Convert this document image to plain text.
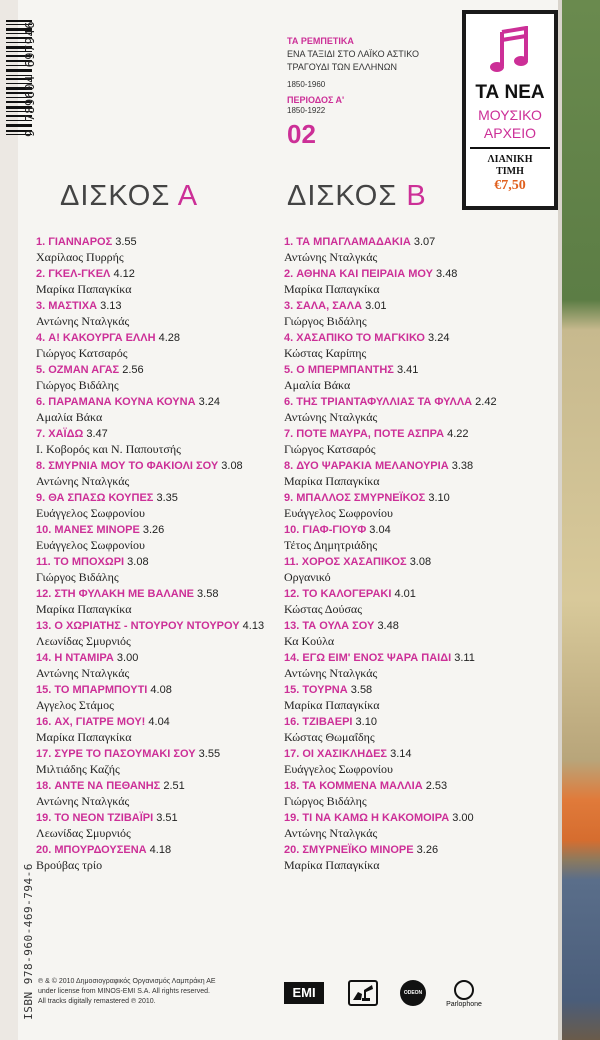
9 789604 697946
ISBN 978-960-469-794-6
ΤΑ ΡΕΜΠΕΤΙΚΑ
ΕΝΑ ΤΑΞΙΔΙ ΣΤΟ ΛΑΪΚΟ ΑΣΤΙΚΟ
ΤΡΑΓΟΥΔΙ ΤΩΝ ΕΛΛΗΝΩΝ
1850-1960
ΠΕΡΙΟΔΟΣ Α'
1850-1922
02
ΤΑ ΝΕΑ
ΜΟΥΣΙΚΟ
ΑΡΧΕΙΟ
ΛΙΑΝΙΚΗ
ΤΙΜΗ
€7,50
ΔΙΣΚΟΣ Α	ΔΙΣΚΟΣ Β
1. ΓΙΑΝΝΑΡΟΣ 3.55
Χαρίλαος Πυρρής
2. ΓΚΕΛ-ΓΚΕΛ 4.12
Μαρίκα Παπαγκίκα
3. ΜΑΣΤΙΧΑ 3.13
Αντώνης Νταλγκάς
4. Α! ΚΑΚΟΥΡΓΑ ΕΛΛΗ 4.28
Γιώργος Κατσαρός
5. ΟΖΜΑΝ ΑΓΑΣ 2.56
Γιώργος Βιδάλης
6. ΠΑΡΑΜΑΝΑ ΚΟΥΝΑ ΚΟΥΝΑ 3.24
Αμαλία Βάκα
7. ΧΑΪΔΩ 3.47
Ι. Κοβορός και Ν. Παπουτσής
8. ΣΜΥΡΝΙΑ ΜΟΥ ΤΟ ΦΑΚΙΟΛΙ ΣΟΥ 3.08
Αντώνης Νταλγκάς
9. ΘΑ ΣΠΑΣΩ ΚΟΥΠΕΣ 3.35
Ευάγγελος Σωφρονίου
10. ΜΑΝΕΣ ΜΙΝΟΡΕ 3.26
Ευάγγελος Σωφρονίου
11. ΤΟ ΜΠΟΧΩΡΙ 3.08
Γιώργος Βιδάλης
12. ΣΤΗ ΦΥΛΑΚΗ ΜΕ ΒΑΛΑΝΕ 3.58
Μαρίκα Παπαγκίκα
13. Ο ΧΩΡΙΑΤΗΣ - ΝΤΟΥΡΟΥ ΝΤΟΥΡΟΥ 4.13
Λεωνίδας Σμυρνιός
14. Η ΝΤΑΜΙΡΑ 3.00
Αντώνης Νταλγκάς
15. ΤΟ ΜΠΑΡΜΠΟΥΤΙ 4.08
Αγγελος Στάμος
16. ΑΧ, ΓΙΑΤΡΕ ΜΟΥ! 4.04
Μαρίκα Παπαγκίκα
17. ΣΥΡΕ ΤΟ ΠΑΣΟΥΜΑΚΙ ΣΟΥ 3.55
Μιλτιάδης Καζής
18. ΑΝΤΕ ΝΑ ΠΕΘΑΝΗΣ 2.51
Αντώνης Νταλγκάς
19. ΤΟ ΝΕΟΝ ΤΖΙΒΑΪΡΙ 3.51
Λεωνίδας Σμυρνιός
20. ΜΠΟΥΡΔΟΥΣΕΝΑ 4.18
Βρούβας τρίο
1. ΤΑ ΜΠΑΓΛΑΜΑΔΑΚΙΑ 3.07
Αντώνης Νταλγκάς
2. ΑΘΗΝΑ ΚΑΙ ΠΕΙΡΑΙΑ ΜΟΥ 3.48
Μαρίκα Παπαγκίκα
3. ΣΑΛΑ, ΣΑΛΑ 3.01
Γιώργος Βιδάλης
4. ΧΑΣΑΠΙΚΟ ΤΟ ΜΑΓΚΙΚΟ 3.24
Κώστας Καρίπης
5. Ο ΜΠΕΡΜΠΑΝΤΗΣ 3.41
Αμαλία Βάκα
6. ΤΗΣ ΤΡΙΑΝΤΑΦΥΛΛΙΑΣ ΤΑ ΦΥΛΛΑ 2.42
Αντώνης Νταλγκάς
7. ΠΟΤΕ ΜΑΥΡΑ, ΠΟΤΕ ΑΣΠΡΑ 4.22
Γιώργος Κατσαρός
8. ΔΥΟ ΨΑΡΑΚΙΑ ΜΕΛΑΝΟΥΡΙΑ 3.38
Μαρίκα Παπαγκίκα
9. ΜΠΑΛΛΟΣ ΣΜΥΡΝΕΪΚΟΣ 3.10
Ευάγγελος Σωφρονίου
10. ΓΙΑΦ-ΓΙΟΥΦ 3.04
Τέτος Δημητριάδης
11. ΧΟΡΟΣ ΧΑΣΑΠΙΚΟΣ 3.08
Οργανικό
12. ΤΟ ΚΑΛΟΓΕΡΑΚΙ 4.01
Κώστας Δούσας
13. ΤΑ ΟΥΛΑ ΣΟΥ 3.48
Κα Κούλα
14. ΕΓΩ ΕΙΜ' ΕΝΟΣ ΨΑΡΑ ΠΑΙΔΙ 3.11
Αντώνης Νταλγκάς
15. ΤΟΥΡΝΑ 3.58
Μαρίκα Παπαγκίκα
16. ΤΖΙΒΑΕΡΙ 3.10
Κώστας Θωμαΐδης
17. ΟΙ ΧΑΣΙΚΛΗΔΕΣ 3.14
Ευάγγελος Σωφρονίου
18. ΤΑ ΚΟΜΜΕΝΑ ΜΑΛΛΙΑ 2.53
Γιώργος Βιδάλης
19. ΤΙ ΝΑ ΚΑΜΩ Η ΚΑΚΟΜΟΙΡΑ 3.00
Αντώνης Νταλγκάς
20. ΣΜΥΡΝΕΪΚΟ ΜΙΝΟΡΕ 3.26
Μαρίκα Παπαγκίκα
℗ & © 2010 Δημοσιογραφικός Οργανισμός Λαμπράκη ΑΕ
under license from MINOS-EMI S.A. All rights reserved.
All tracks digitally remastered ℗ 2010.
EMI	ODEON
Parlophone
